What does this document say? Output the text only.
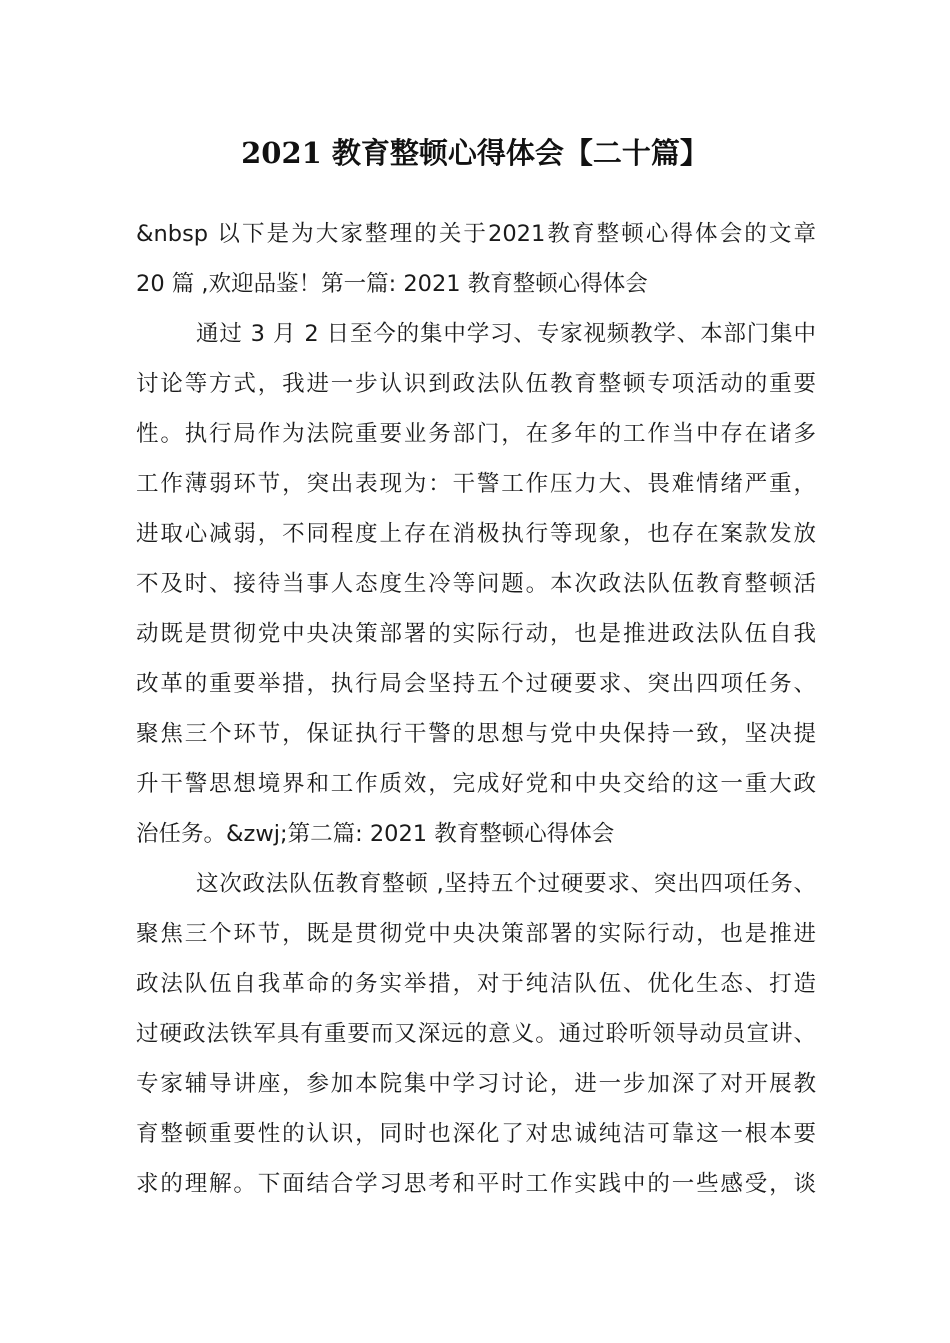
2021 教育整顿心得体会【二十篇】

&nbsp 以下是为大家整理的关于2021教育整顿心得体会的文章
20 篇 ,欢迎品鉴！第一篇: 2021 教育整顿心得体会

通过 3 月 2 日至今的集中学习、专家视频教学、本部门集中
讨论等方式，我进一步认识到政法队伍教育整顿专项活动的重要
性。执行局作为法院重要业务部门，在多年的工作当中存在诸多
工作薄弱环节，突出表现为：干警工作压力大、畏难情绪严重，
进取心减弱，不同程度上存在消极执行等现象，也存在案款发放
不及时、接待当事人态度生冷等问题。本次政法队伍教育整顿活
动既是贯彻党中央决策部署的实际行动，也是推进政法队伍自我
改革的重要举措，执行局会坚持五个过硬要求、突出四项任务、
聚焦三个环节，保证执行干警的思想与党中央保持一致，坚决提
升干警思想境界和工作质效，完成好党和中央交给的这一重大政
治任务。&zwj;第二篇: 2021 教育整顿心得体会

这次政法队伍教育整顿 ,坚持五个过硬要求、突出四项任务、
聚焦三个环节，既是贯彻党中央决策部署的实际行动，也是推进
政法队伍自我革命的务实举措，对于纯洁队伍、优化生态、打造
过硬政法铁军具有重要而又深远的意义。通过聆听领导动员宣讲、
专家辅导讲座，参加本院集中学习讨论，进一步加深了对开展教
育整顿重要性的认识，同时也深化了对忠诚纯洁可靠这一根本要
求的理解。下面结合学习思考和平时工作实践中的一些感受，谈
